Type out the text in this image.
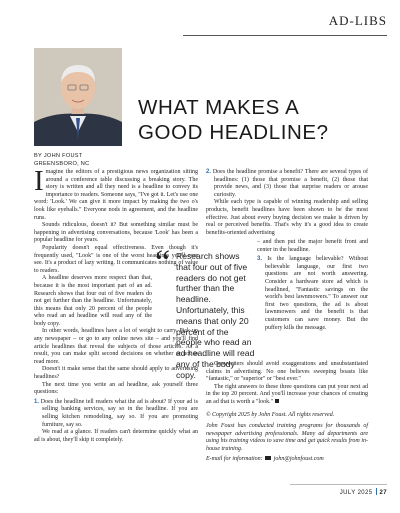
AD-LIBS
WHAT MAKES A
GOOD HEADLINE?
BY JOHN FOUST
GREENSBORO, NC

Imagine the editors of a prestigious news organization sitting around a conference table discussing a breaking story. The story is written and all they need is a headline to convey its importance to readers. Someone says, "I've got it. Let's use one word: 'Look.' We can give it more impact by making the two o's look like eyeballs." Everyone nods in agreement, and the headline runs.

Sounds ridiculous, doesn't it? But something similar must be happening in advertising conversations, because 'Look' has been a popular headline for years.

Popularity doesn't equal effectiveness. Even though it's frequently used, "Look" is one of the worst headlines you'll ever see. It's a product of lazy writing. It communicates nothing of value to readers.

A headline deserves more respect than that, because it is the most important part of an ad. Research shows that four out of five readers do not get further than the headline. Unfortunately, this means that only 20 percent of the people who read an ad headline will read any of the body copy.

In other words, headlines have a lot of weight to carry. Pick up any newspaper – or go to any online news site – and you'll find article headlines that reveal the subjects of those articles. As a result, you can make split second decisions on whether or not to read more.

Doesn't it make sense that the same should apply to advertising headlines?

The next time you write an ad headline, ask yourself three questions:

1. Does the headline tell readers what the ad is about? If your ad is selling banking services, say so in the headline. If you are selling kitchen remodeling, say so. If you are promoting furniture, say so.

We read at a glance. If readers can't determine quickly what an ad is about, they'll skip it completely.

“ Research shows that four out of five readers do not get further than the headline. Unfortunately, this means that only 20 percent of the people who read an ad headline will read any of the body copy.

2. Does the headline promise a benefit? There are several types of headlines: (1) those that promise a benefit, (2) those that provide news, and (3) those that surprise readers or arouse curiosity.

While each type is capable of winning readership and selling products, benefit headlines have been shown to be the most effective. Just about every buying decision we make is driven by real or perceived benefits. That's why it's a good idea to create benefits-oriented advertising

– and then put the major benefit front and center in the headline.

3. Is the language believable? Without believable language, our first two questions are not worth answering. Consider a hardware store ad which is headlined, "Fantastic savings on the world's best lawnmowers." To answer our first two questions, the ad is about lawnmowers and the benefit is that customers can save money. But the puffery kills the message.

Copywriters should avoid exaggerations and unsubstantiated claims in advertising. No one believes sweeping boasts like "fantastic," or "superior" or "best ever."

The right answers to these three questions can put your next ad in the top 20 percent. And you'll increase your chances of creating an ad that is worth a "look."

© Copyright 2025 by John Foust. All rights reserved.

John Foust has conducted training programs for thousands of newspaper advertising professionals. Many ad departments are using his training videos to save time and get quick results from in-house training.

E-mail for information: john@johnfoust.com

JULY 2025 27
